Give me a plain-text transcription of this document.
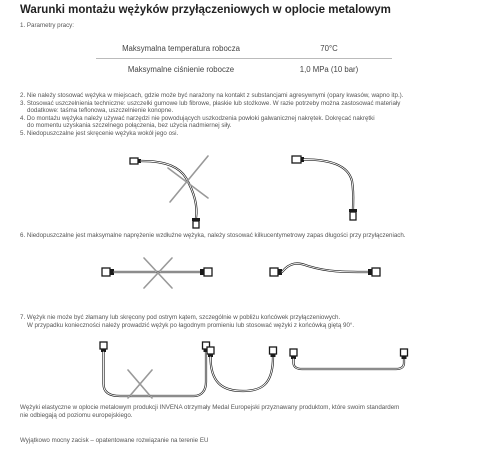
Warunki montażu wężyków przyłączeniowych w oplocie metalowym

1. Parametry pracy:

Maksymalna temperatura robocza	70°C
Maksymalne ciśnienie robocze	1,0 MPa (10 bar)

2. Nie należy stosować wężyka w miejscach, gdzie może być narażony na kontakt z substancjami agresywnymi (opary kwasów, wapno itp.).

3. Stosować uszczelnienia techniczne: uszczelki gumowe lub fibrowe, płaskie lub stożkowe. W razie potrzeby można zastosować materiały

dodatkowe: taśma teflonowa, uszczelnienie konopne.

4. Do montażu wężyka należy używać narzędzi nie powodujących uszkodzenia powłoki galwanicznej nakrętek. Dokręcać nakrętki

do momentu uzyskania szczelnego połączenia, bez użycia nadmiernej siły.

5. Niedopuszczalne jest skręcenie wężyka wokół jego osi.

6. Niedopuszczalne jest maksymalne naprężenie wzdłużne wężyka, należy stosować kilkucentymetrowy zapas długości przy przyłączeniach.

7. Wężyk nie może być złamany lub skręcony pod ostrym kątem, szczególnie w pobliżu końcówek przyłączeniowych.

W przypadku konieczności należy prowadzić wężyk po łagodnym promieniu lub stosować wężyki z końcówką giętą 90°.

Wężyki elastyczne w oplocie metalowym produkcji INVENA otrzymały Medal Europejski przyznawany produktom, które swoim standardem

nie odbiegają od poziomu europejskiego.

Wyjątkowo mocny zacisk – opatentowane rozwiązanie na terenie EU
